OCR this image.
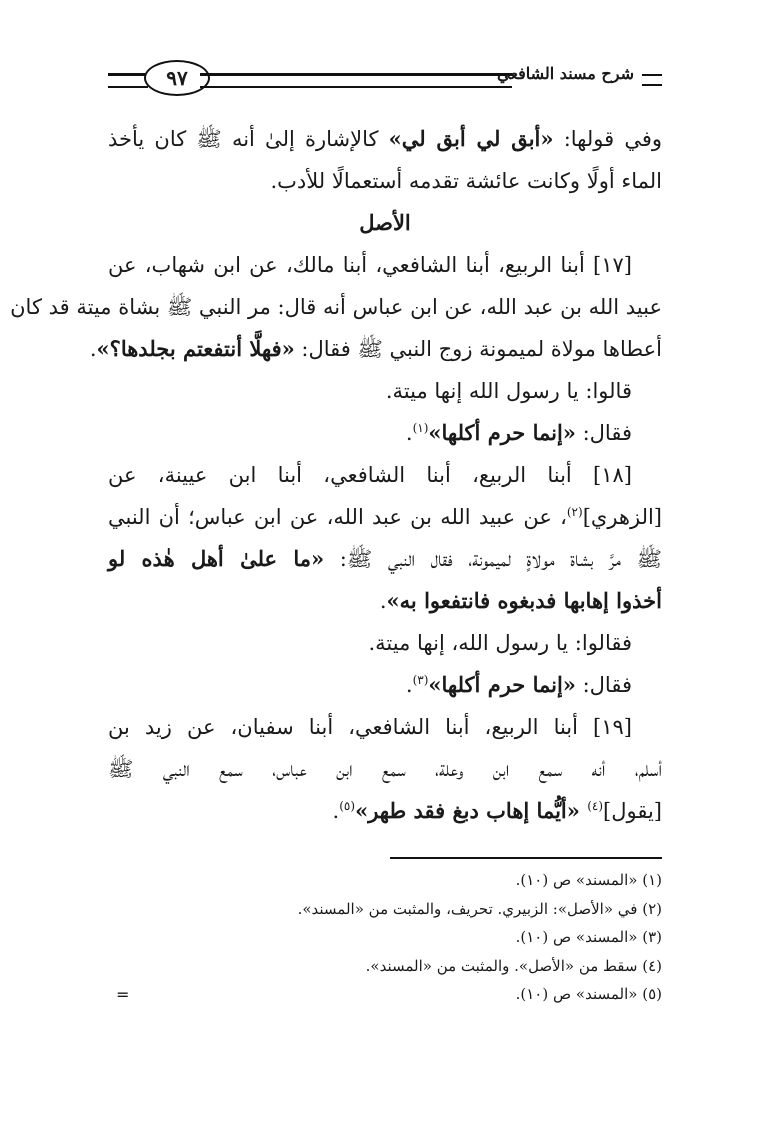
٩٧	شرح مسند الشافعي
وفي قولها: «أبق لي أبق لي» كالإشارة إلىٰ أنه ﷺ كان يأخذ
الماء أولًا وكانت عائشة تقدمه أستعمالًا للأدب.
الأصل
[١٧] أبنا الربيع، أبنا الشافعي، أبنا مالك، عن ابن شهاب، عن
عبيد الله بن عبد الله، عن ابن عباس أنه قال: مر النبي ﷺ بشاة ميتة قد كان
أعطاها مولاة لميمونة زوج النبي ﷺ فقال: «فهلَّا أنتفعتم بجلدها؟».
قالوا: يا رسول الله إنها ميتة.
فقال: «إنما حرم أكلها»$^{(١)}$.
[١٨] أبنا الربيع، أبنا الشافعي، أبنا ابن عيينة، عن
[الزهري]$^{(٢)}$، عن عبيد الله بن عبد الله، عن ابن عباس؛ أن النبي
ﷺ مرَّ بشاة مولاةٍ لميمونة، فقال النبي ﷺ: «ما علىٰ أهل هٰذه لو
أخذوا إهابها فدبغوه فانتفعوا به».
فقالوا: يا رسول الله، إنها ميتة.
فقال: «إنما حرم أكلها»$^{(٣)}$.
[١٩] أبنا الربيع، أبنا الشافعي، أبنا سفيان، عن زيد بن
أسلم، أنه سمع ابن وعلة، سمع ابن عباس، سمع النبي ﷺ
[يقول]$^{(٤)}$ «أيُّما إهاب دبغ فقد طهر»$^{(٥)}$.
(١) «المسند» ص (١٠).
(٢) في «الأصل»: الزبيري. تحريف، والمثبت من «المسند».
(٣) «المسند» ص (١٠).
(٤) سقط من «الأصل». والمثبت من «المسند».
(٥) «المسند» ص (١٠).
=
